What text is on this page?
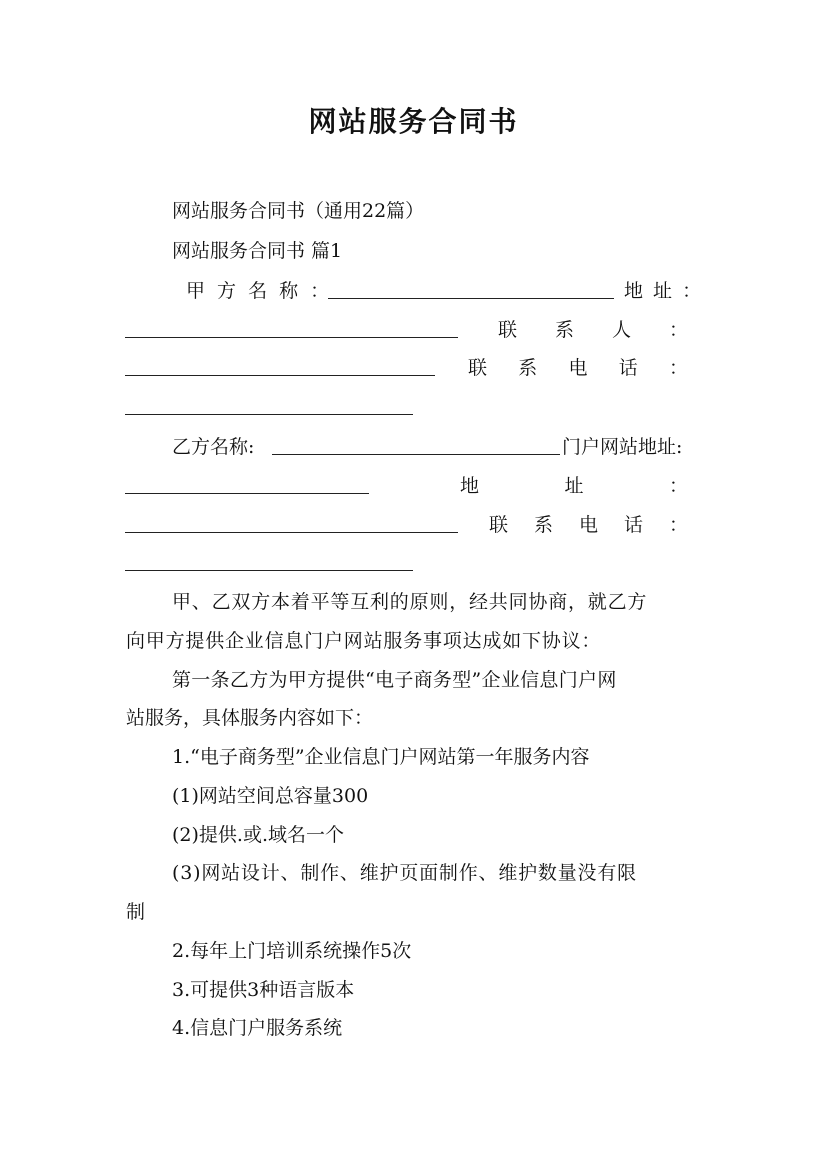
网站服务合同书
网站服务合同书（通用22篇）
网站服务合同书 篇1
甲 方 名 称 ：	地 址 ：
联 系 人 ：
联 系 电 话 ：
乙方名称:	门户网站地址:
地 址 ：
联 系 电 话 ：
甲、乙双方本着平等互利的原则，经共同协商，就乙方
向甲方提供企业信息门户网站服务事项达成如下协议：
第一条乙方为甲方提供“电子商务型”企业信息门户网
站服务，具体服务内容如下：
1.“电子商务型”企业信息门户网站第一年服务内容
(1)网站空间总容量300
(2)提供.或.域名一个
(3)网站设计、制作、维护页面制作、维护数量没有限
制
2.每年上门培训系统操作5次
3.可提供3种语言版本
4.信息门户服务系统
